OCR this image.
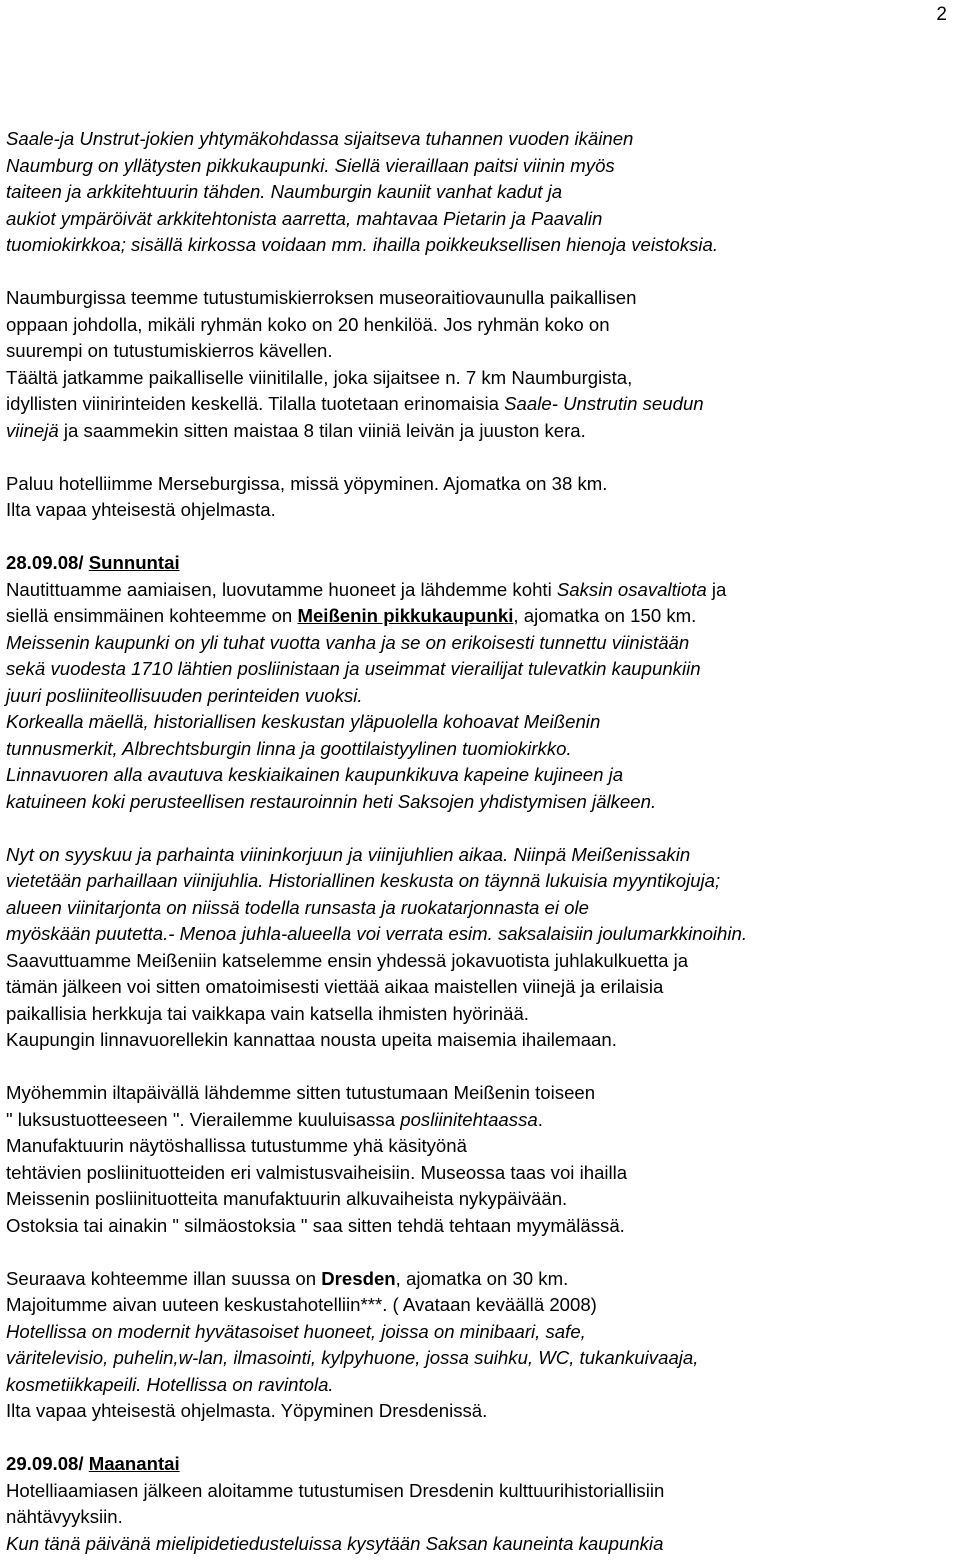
2
Saale-ja Unstrut-jokien yhtymäkohdassa sijaitseva tuhannen vuoden ikäinen
Naumburg on yllätysten pikkukaupunki. Siellä vieraillaan paitsi viinin myös
taiteen ja arkkitehtuurin tähden. Naumburgin kauniit vanhat kadut ja
aukiot ympäröivät arkkitehtonista aarretta, mahtavaa Pietarin ja Paavalin
tuomiokirkkoa; sisällä kirkossa voidaan mm. ihailla poikkeuksellisen hienoja veistoksia.
Naumburgissa teemme tutustumiskierroksen museoraitiovaunulla paikallisen
oppaan johdolla, mikäli ryhmän koko on 20 henkilöä. Jos ryhmän koko on
suurempi on tutustumiskierros kävellen.
Täältä jatkamme paikalliselle viinitilalle, joka sijaitsee n. 7 km Naumburgista,
idyllisten viinirinteiden keskellä. Tilalla tuotetaan erinomaisia Saale- Unstrutin seudun
viinejä ja saammekin sitten maistaa 8 tilan viiniä leivän ja juuston kera.
Paluu hotelliimme Merseburgissa, missä yöpyminen. Ajomatka on 38 km.
Ilta vapaa yhteisestä ohjelmasta.
28.09.08/ Sunnuntai
Nautittuamme aamiaisen, luovutamme huoneet ja lähdemme kohti Saksin osavaltiota ja
siellä ensimmäinen kohteemme on Meißenin pikkukaupunki, ajomatka on 150 km.
Meissenin kaupunki on yli tuhat vuotta vanha ja se on erikoisesti tunnettu viinistään
sekä vuodesta 1710 lähtien posliinistaan ja useimmat vierailijat tulevatkin kaupunkiin
juuri posliiniteollisuuden perinteiden vuoksi.
Korkealla mäellä, historiallisen keskustan yläpuolella kohoavat Meißenin
tunnusmerkit, Albrechtsburgin linna ja goottilaistyylinen tuomiokirkko.
Linnavuoren alla avautuva keskiaikainen kaupunkikuva kapeine kujineen ja
katuineen koki perusteellisen restauroinnin heti Saksojen yhdistymisen jälkeen.
Nyt on syyskuu ja parhainta viininkorjuun ja viinijuhlien aikaa. Niinpä Meißenissakin
vietetään parhaillaan viinijuhlia. Historiallinen keskusta on täynnä lukuisia myyntikojuja;
alueen viinitarjonta on niissä todella runsasta ja ruokatarjonnasta ei ole
myöskään puutetta.- Menoa juhla-alueella voi verrata esim. saksalaisiin joulumarkkinoihin.
Saavuttuamme Meißeniin katselemme ensin yhdessä jokavuotista juhlakulkuetta ja
tämän jälkeen voi sitten omatoimisesti viettää aikaa maistellen viinejä ja erilaisia
paikallisia herkkuja tai vaikkapa vain katsella ihmisten hyörinää.
Kaupungin linnavuorellekin kannattaa nousta upeita maisemia ihailemaan.
Myöhemmin iltapäivällä lähdemme sitten tutustumaan Meißenin toiseen
" luksustuotteeseen ". Vierailemme kuuluisassa posliinitehtaassa.
Manufaktuurin näytöshallissa tutustumme yhä käsityönä
tehtävien posliinituotteiden eri valmistusvaiheisiin. Museossa taas voi ihailla
Meissenin posliinituotteita manufaktuurin alkuvaiheista nykypäivään.
Ostoksia tai ainakin " silmäostoksia " saa sitten tehdä tehtaan myymälässä.
Seuraava kohteemme illan suussa on Dresden, ajomatka on 30 km.
Majoitumme aivan uuteen keskustahotelliin***. ( Avataan keväällä 2008)
Hotellissa on modernit hyvätasoiset huoneet, joissa on minibaari, safe,
väritelevisio, puhelin,w-lan, ilmasointi, kylpyhuone, jossa suihku, WC, tukankuivaaja,
kosmetiikkapeili. Hotellissa on ravintola.
Ilta vapaa yhteisestä ohjelmasta. Yöpyminen Dresdenissä.
29.09.08/ Maanantai
Hotelliaamiasen jälkeen aloitamme tutustumisen Dresdenin kulttuurihistoriallisiin
nähtävyyksiin.
Kun tänä päivänä mielipidetiedusteluissa kysytään Saksan kauneinta kaupunkia
